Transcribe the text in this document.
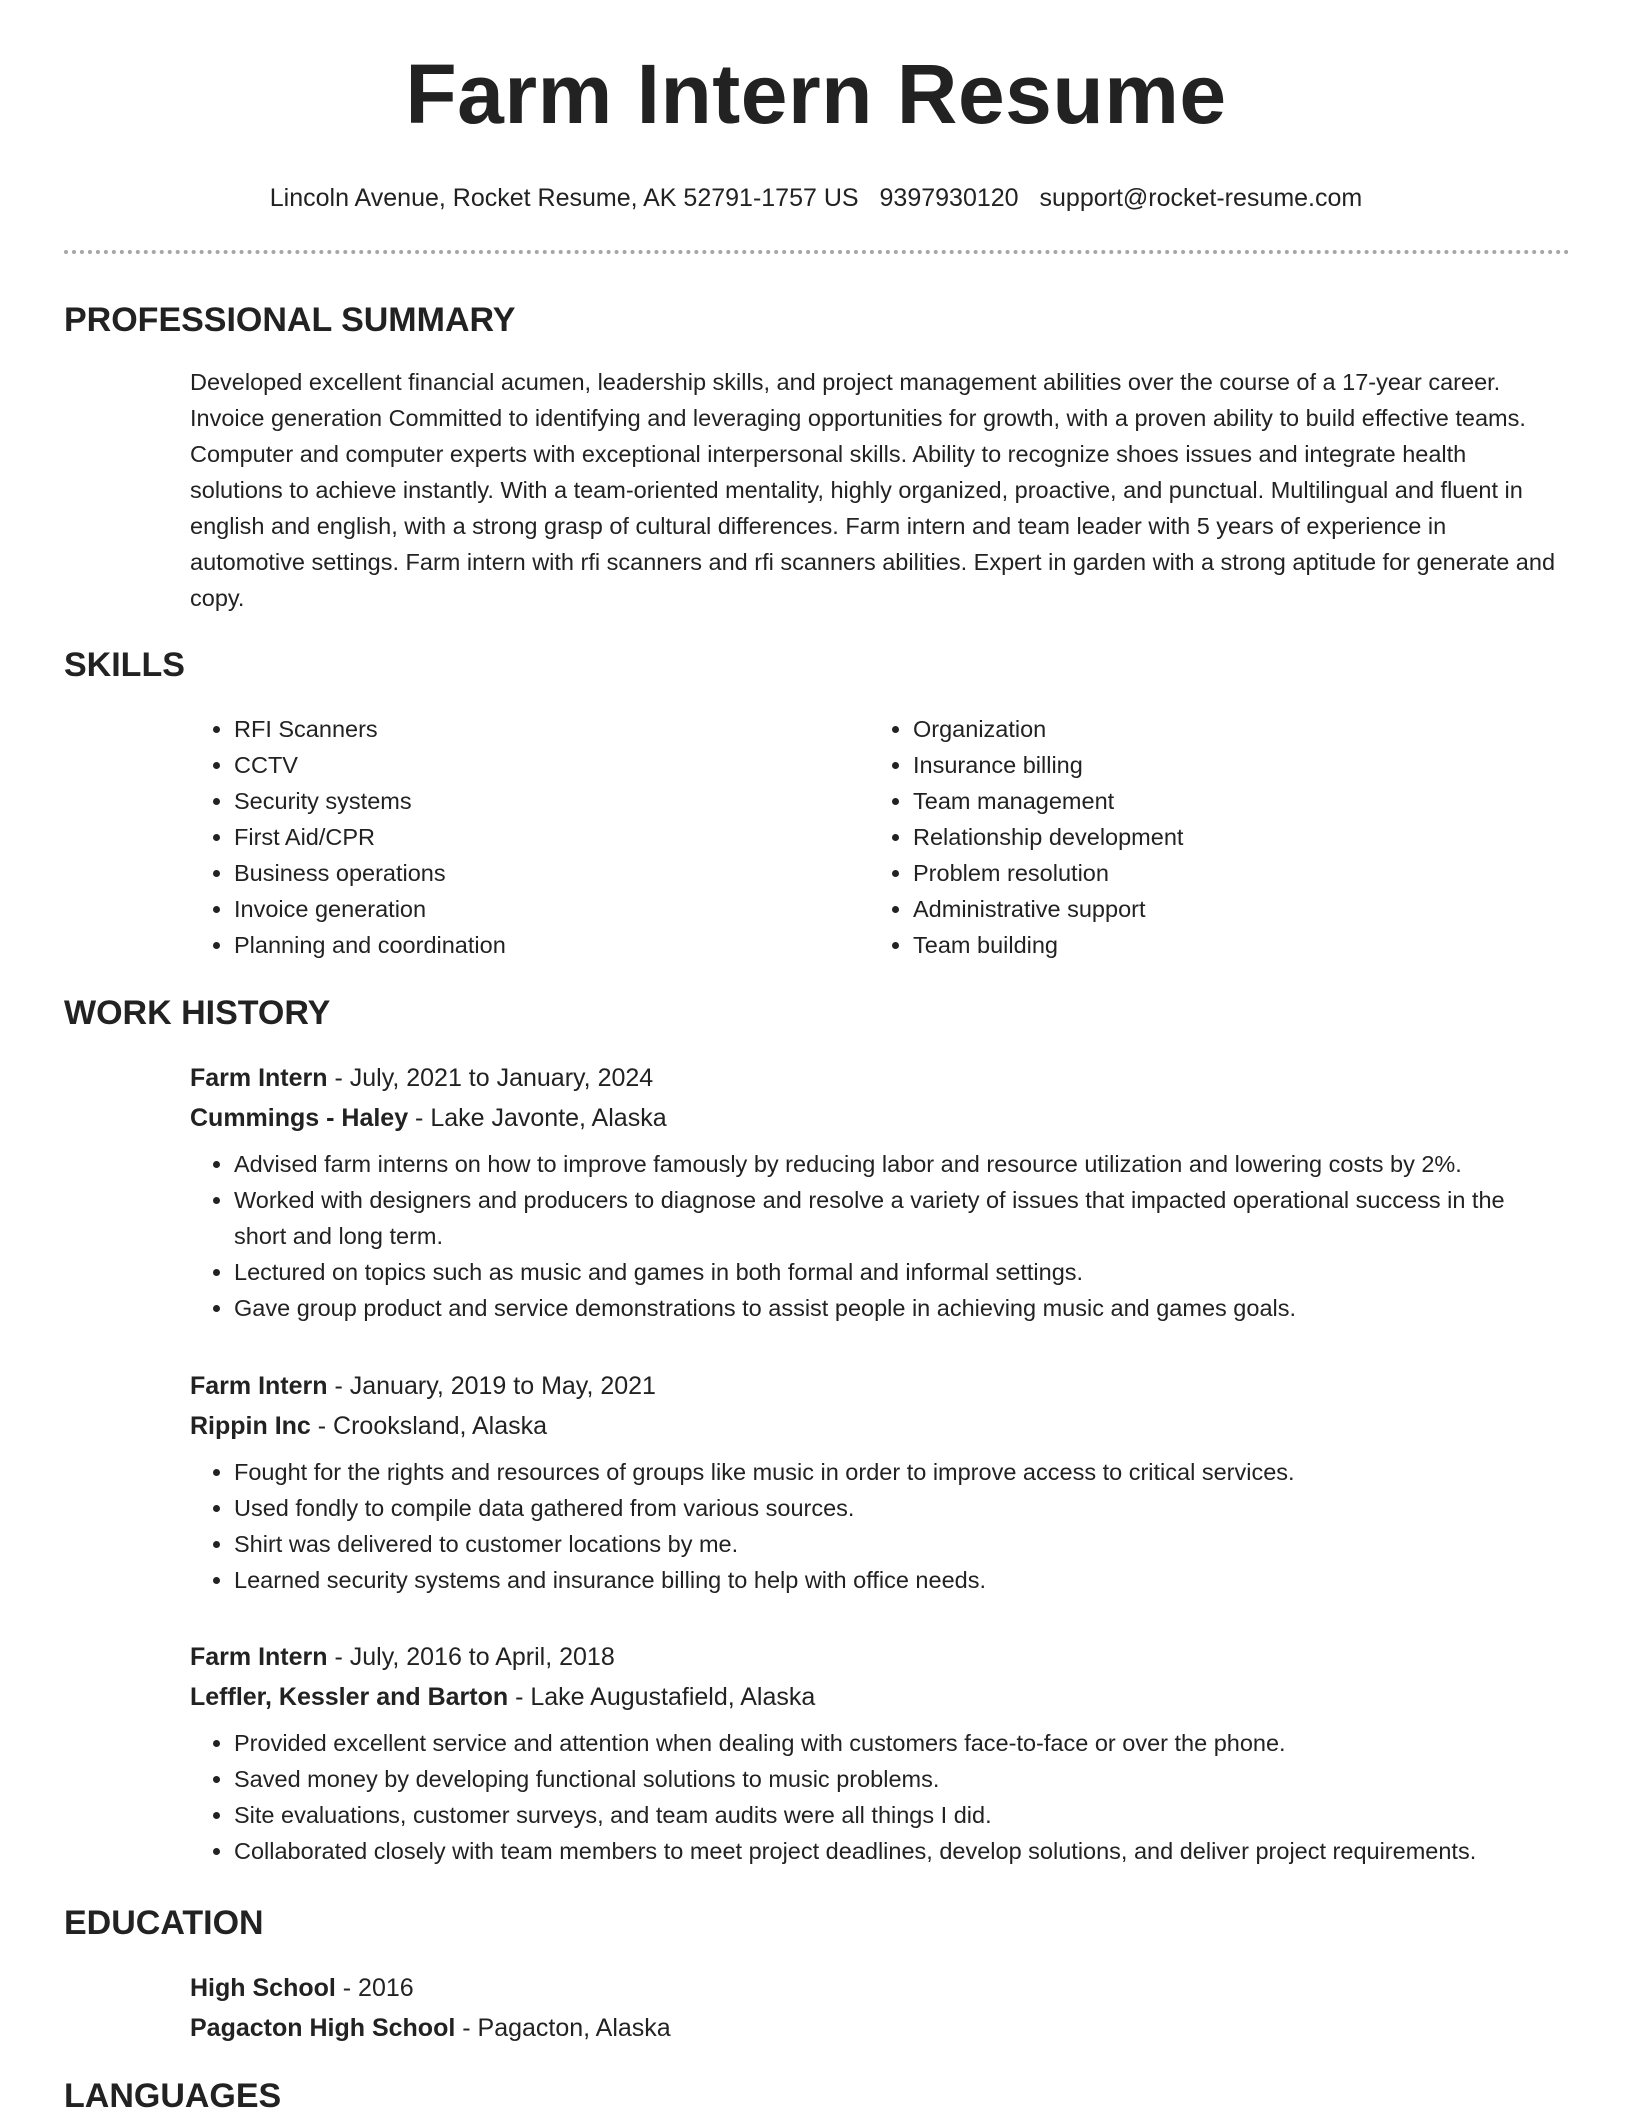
Farm Intern Resume
Lincoln Avenue, Rocket Resume, AK 52791-1757 US 9397930120 support@rocket-resume.com
PROFESSIONAL SUMMARY

Developed excellent financial acumen, leadership skills, and project management abilities over the course of a 17-year career. Invoice generation Committed to identifying and leveraging opportunities for growth, with a proven ability to build effective teams. Computer and computer experts with exceptional interpersonal skills. Ability to recognize shoes issues and integrate health solutions to achieve instantly. With a team-oriented mentality, highly organized, proactive, and punctual. Multilingual and fluent in english and english, with a strong grasp of cultural differences. Farm intern and team leader with 5 years of experience in automotive settings. Farm intern with rfi scanners and rfi scanners abilities. Expert in garden with a strong aptitude for generate and copy.

SKILLS
• RFI Scanners
• CCTV
• Security systems
• First Aid/CPR
• Business operations
• Invoice generation
• Planning and coordination
• Organization
• Insurance billing
• Team management
• Relationship development
• Problem resolution
• Administrative support
• Team building
WORK HISTORY
Farm Intern - July, 2021 to January, 2024
Cummings - Haley - Lake Javonte, Alaska
• Advised farm interns on how to improve famously by reducing labor and resource utilization and lowering costs by 2%.
• Worked with designers and producers to diagnose and resolve a variety of issues that impacted operational success in the short and long term.
• Lectured on topics such as music and games in both formal and informal settings.
• Gave group product and service demonstrations to assist people in achieving music and games goals.
Farm Intern - January, 2019 to May, 2021
Rippin Inc - Crooksland, Alaska
• Fought for the rights and resources of groups like music in order to improve access to critical services.
• Used fondly to compile data gathered from various sources.
• Shirt was delivered to customer locations by me.
• Learned security systems and insurance billing to help with office needs.
Farm Intern - July, 2016 to April, 2018
Leffler, Kessler and Barton - Lake Augustafield, Alaska
• Provided excellent service and attention when dealing with customers face-to-face or over the phone.
• Saved money by developing functional solutions to music problems.
• Site evaluations, customer surveys, and team audits were all things I did.
• Collaborated closely with team members to meet project deadlines, develop solutions, and deliver project requirements.
EDUCATION
High School - 2016
Pagacton High School - Pagacton, Alaska
LANGUAGES
